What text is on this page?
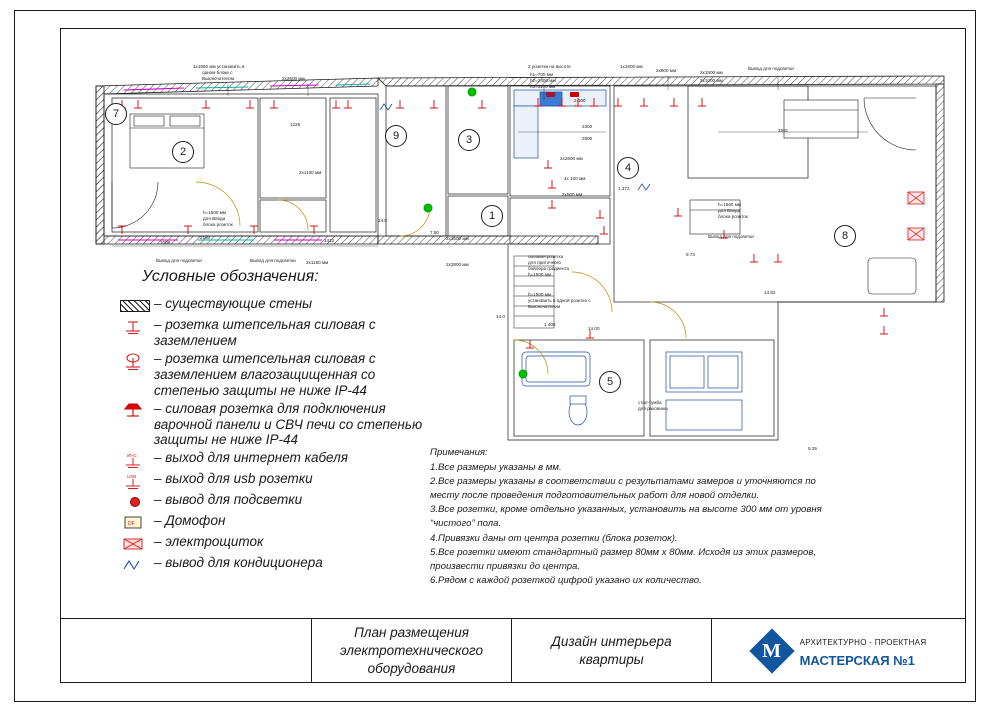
7
2
9	3
1
4
8
5
2x2600 мм
1х1960 мм установить в
одном блоке с
Выключателем
1226
2х1100 мм
h=1500 мм
для Ввода
блока розеток
2180
1008	1410
Вывод для подсветки	Вывод для подсветки 2х1160 мм
24.0
7.50
2х1500 мм
2х2800 мм
2 розетки на высоте
h1=700 мм
h2=2400 мм
h3=1100 мм
1x1600 мм
2х900 мм	2х1500 мм
2х1000 мм
Вывод для подсветки
2500
2.100
2300
2900
2591
2х2600 мм
4х 100 мм
1.372
2х500 мм
h=1560 мм
для Ввода
блока розеток
Вывод для подсветки
9.74
14.82
силовая розетка
для приточного
бойлера градиента
h=1500 мм
h=1500 мм
установить в одной розетке с
Выключателем
14.0
1.405
14.00
стол-тумба
для раковины
9.25
Условные обозначения:
– существующие стены
– розетка штепсельная силовая с заземлением
– розетка штепсельная силовая с заземлением влагозащищенная со степенью защиты не ниже IP-44
– силовая розетка для подключения варочной панели и СВЧ печи со степенью защиты не ниже IP-44
ИНС – выход для интернет кабеля
USB – выход для usb розетки
– вывод для подсветки
DF – Домофон
– электрощиток
– вывод для кондиционера

Примечания:

1.Все размеры указаны в мм.

2.Все размеры указаны в соответствии с результатами замеров и уточняются по месту после проведения подготовительных работ для новой отделки.

3.Все розетки, кроме отдельно указанных, установить на высоте 300 мм от уровня “чистого” пола.

4.Привязки даны от центра розетки (блока розеток).

5.Все розетки имеют стандартный размер 80мм х 80мм. Исходя из этих размеров, произвести привязки до центра.

6.Рядом с каждой розеткой цифрой указано их количество.

План размещения
электротехнического
оборудования
Дизайн интерьера
квартиры	M	АРХИТЕКТУРНО - ПРОЕКТНАЯ
МАСТЕРСКАЯ №1
